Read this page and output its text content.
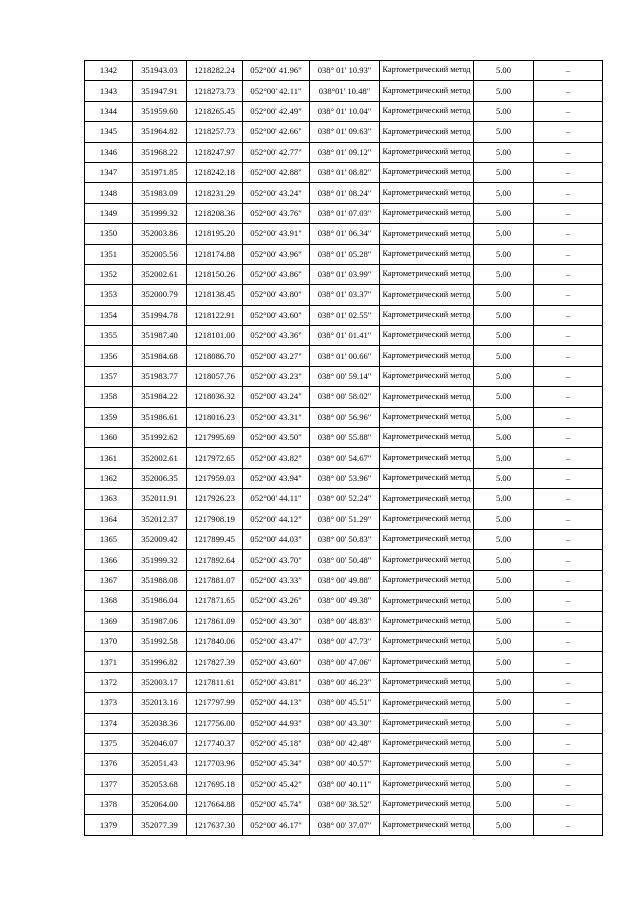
1342	351943.03	1218282.24	052°00' 41.96"	038° 01' 10.93"	Картометрический метод	5.00	–
1343	351947.91	1218273.73	052°00' 42.11"	038°01' 10.48"	Картометрический метод	5.00	–
1344	351959.60	1218265.45	052°00' 42.49"	038° 01' 10.04"	Картометрический метод	5.00	–
1345	351964.82	1218257.73	052°00' 42.66"	038° 01' 09.63"	Картометрический метод	5.00	–
1346	351968.22	1218247.97	052°00' 42.77"	038° 01' 09.12"	Картометрический метод	5.00	–
1347	351971.85	1218242.18	052°00' 42.88"	038° 01' 08.82"	Картометрический метод	5.00	–
1348	351983.09	1218231.29	052°00' 43.24"	038° 01' 08.24"	Картометрический метод	5.00	–
1349	351999.32	1218208.36	052°00' 43.76"	038° 01' 07.03"	Картометрический метод	5.00	–
1350	352003.86	1218195.20	052°00' 43.91"	038° 01' 06.34"	Картометрический метод	5.00	–
1351	352005.56	1218174.88	052°00' 43.96"	038° 01' 05.28"	Картометрический метод	5.00	–
1352	352002.61	1218150.26	052°00' 43.86"	038° 01' 03.99"	Картометрический метод	5.00	–
1353	352000.79	1218138.45	052°00' 43.80"	038° 01' 03.37"	Картометрический метод	5.00	–
1354	351994.78	1218122.91	052°00' 43.60"	038° 01' 02.55"	Картометрический метод	5.00	–
1355	351987.40	1218101.00	052°00' 43.36"	038° 01' 01.41"	Картометрический метод	5.00	–
1356	351984.68	1218086.70	052°00' 43.27"	038° 01' 00.66"	Картометрический метод	5.00	–
1357	351983.77	1218057.76	052°00' 43.23"	038° 00' 59.14"	Картометрический метод	5.00	–
1358	351984.22	1218036.32	052°00' 43.24"	038° 00' 58.02"	Картометрический метод	5.00	–
1359	351986.61	1218016.23	052°00' 43.31"	038° 00' 56.96"	Картометрический метод	5.00	–
1360	351992.62	1217995.69	052°00' 43.50"	038° 00' 55.88"	Картометрический метод	5.00	–
1361	352002.61	1217972.65	052°00' 43.82"	038° 00' 54.67"	Картометрический метод	5.00	–
1362	352006.35	1217959.03	052°00' 43.94"	038° 00' 53.96"	Картометрический метод	5.00	–
1363	352011.91	1217926.23	052°00' 44.11"	038° 00' 52.24"	Картометрический метод	5.00	–
1364	352012.37	1217908.19	052°00' 44.12"	038° 00' 51.29"	Картометрический метод	5.00	–
1365	352009.42	1217899.45	052°00' 44.03"	038° 00' 50.83"	Картометрический метод	5.00	–
1366	351999.32	1217892.64	052°00' 43.70"	038° 00' 50.48"	Картометрический метод	5.00	–
1367	351988.08	1217881.07	052°00' 43.33"	038° 00' 49.88"	Картометрический метод	5.00	–
1368	351986.04	1217871.65	052°00' 43.26"	038° 00' 49.38"	Картометрический метод	5.00	–
1369	351987.06	1217861.09	052°00' 43.30"	038° 00' 48.83"	Картометрический метод	5.00	–
1370	351992.58	1217840.06	052°00' 43.47"	038° 00' 47.73"	Картометрический метод	5.00	–
1371	351996.82	1217827.39	052°00' 43.60"	038° 00' 47.06"	Картометрический метод	5.00	–
1372	352003.17	1217811.61	052°00' 43.81"	038° 00' 46.23"	Картометрический метод	5.00	–
1373	352013.16	1217797.99	052°00' 44.13"	038° 00' 45.51"	Картометрический метод	5.00	–
1374	352038.36	1217756.00	052°00' 44.93"	038° 00' 43.30"	Картометрический метод	5.00	–
1375	352046.07	1217740.37	052°00' 45.18"	038° 00' 42.48"	Картометрический метод	5.00	–
1376	352051.43	1217703.96	052°00' 45.34"	038° 00' 40.57"	Картометрический метод	5.00	–
1377	352053.68	1217695.18	052°00' 45.42"	038° 00' 40.11"	Картометрический метод	5.00	–
1378	352064.00	1217664.88	052°00' 45.74"	038° 00' 38.52"	Картометрический метод	5.00	–
1379	352077.39	1217637.30	052°00' 46.17"	038° 00' 37.07"	Картометрический метод	5.00	–
